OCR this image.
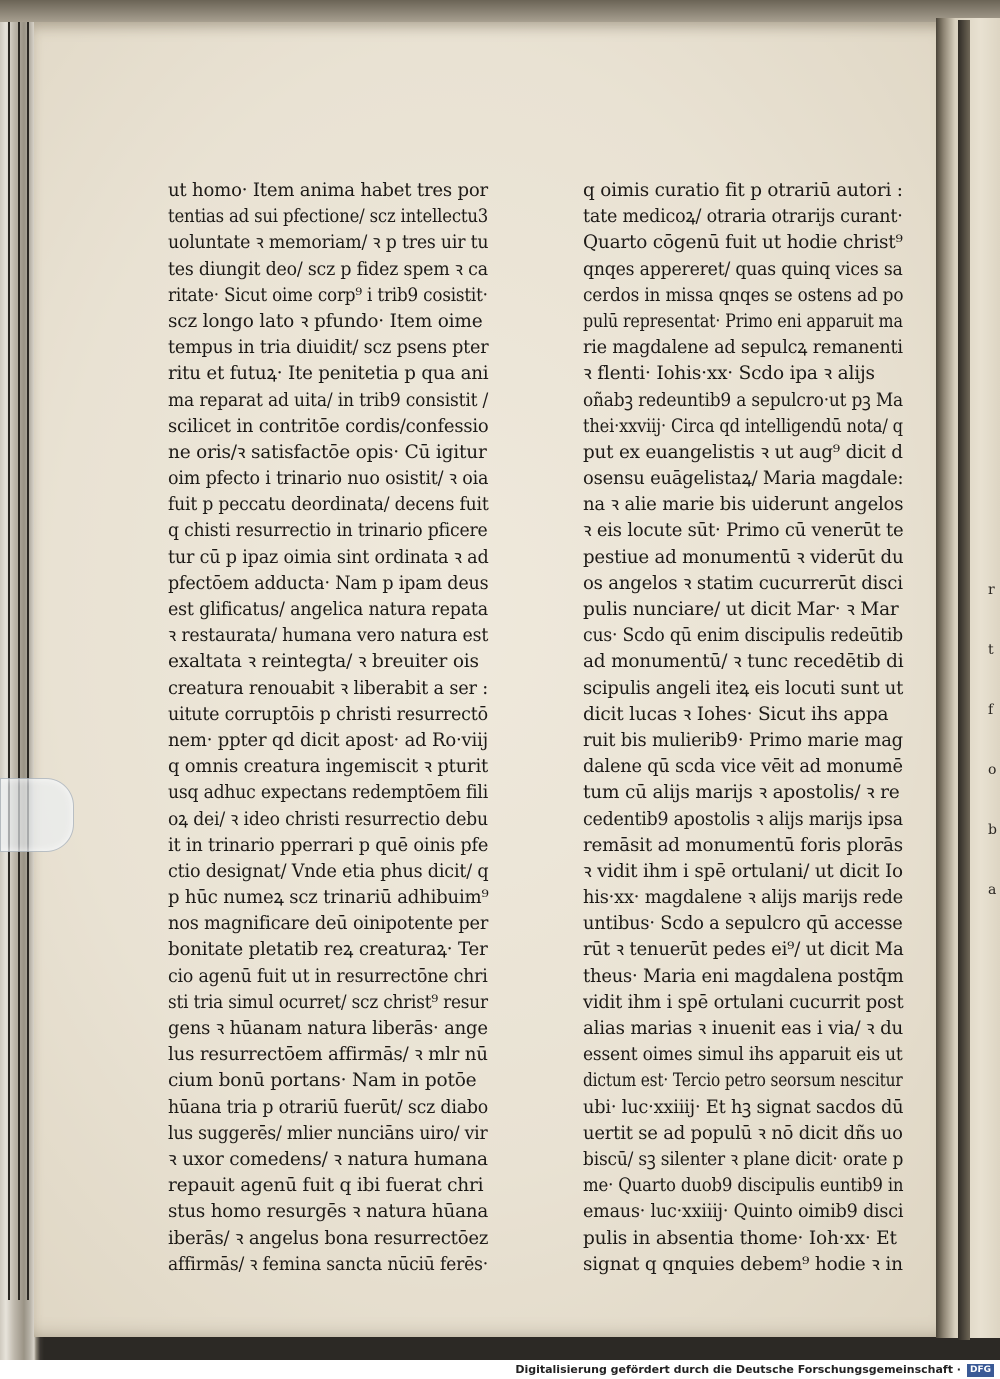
ut homo· Item anima habet tres por
tentias ad sui pfectione/ scz intellectu3
uoluntate ꝛ memoriam/ ꝛ p tres uir tu
tes diungit deo/ scz p fidez spem ꝛ ca
ritate· Sicut oime corp⁹ i trib9 cosistit·
scz longo lato ꝛ pfundo· Item oime
tempus in tria diuidit/ scz psens pter
ritu et futuꝝ· Ite penitetia p qua ani
ma reparat ad uita/ in trib9 consistit /
scilicet in contritōe cordis/confessio
ne oris/ꝛ satisfactōe opis· Cū igitur
oim pfecto i trinario nuo osistit/ ꝛ oia
fuit p peccatu deordinata/ decens fuit
q chisti resurrectio in trinario pficere
tur cū p ipaz oimia sint ordinata ꝛ ad
pfectōem adducta· Nam p ipam deus
est glificatus/ angelica natura repata
ꝛ restaurata/ humana vero natura est
exaltata ꝛ reintegta/ ꝛ breuiter ois
creatura renouabit ꝛ liberabit a ser :
uitute corruptōis p christi resurrectō
nem· ppter qd dicit apost· ad Ro·viij
q omnis creatura ingemiscit ꝛ pturit
usq adhuc expectans redemptōem fili
oꝝ dei/ ꝛ ideo christi resurrectio debu
it in trinario pperrari p quē oinis pfe
ctio designat/ Vnde etia phus dicit/ q
p hūc numeꝝ scz trinariū adhibuim⁹
nos magnificare deū oinipotente per
bonitate pletatib reꝝ creaturaꝝ· Ter
cio agenū fuit ut in resurrectōne chri
sti tria simul ocurret/ scz christ⁹ resur
gens ꝛ hūanam natura liberās· ange
lus resurrectōem affirmās/ ꝛ mlr nū
cium bonū portans· Nam in potōe
hūana tria p otrariū fuerūt/ scz diabo
lus suggerēs/ mlier nunciāns uiro/ vir
ꝛ uxor comedens/ ꝛ natura humana
repauit agenū fuit q ibi fuerat chri
stus homo resurgēs ꝛ natura hūana
iberās/ ꝛ angelus bona resurrectōez
affirmās/ ꝛ femina sancta nūciū ferēs·
q oimis curatio fit p otrariū autori :
tate medicoꝝ/ otraria otrarijs curant·
Quarto cōgenū fuit ut hodie christ⁹
qnqes appereret/ quas quinq vices sa
cerdos in missa qnqes se ostens ad po
pulū representat· Primo eni apparuit ma
rie magdalene ad sepulcꝝ remanenti
ꝛ flenti· Iohis·xx· Scdo ipa ꝛ alijs
oñabꝫ redeuntib9 a sepulcro·ut pꝫ Ma
thei·xxviij· Circa qd intelligendū nota/ q
put ex euangelistis ꝛ ut aug⁹ dicit d
osensu euāgelistaꝝ/ Maria magdale:
na ꝛ alie marie bis uiderunt angelos
ꝛ eis locute sūt· Primo cū venerūt te
pestiue ad monumentū ꝛ viderūt du
os angelos ꝛ statim cucurrerūt disci
pulis nunciare/ ut dicit Mar· ꝛ Mar
cus· Scdo qū enim discipulis redeūtib
ad monumentū/ ꝛ tunc recedētib di
scipulis angeli iteꝝ eis locuti sunt ut
dicit lucas ꝛ Iohes· Sicut ihs appa
ruit bis mulierib9· Primo marie mag
dalene qū scda vice vēit ad monumē
tum cū alijs marijs ꝛ apostolis/ ꝛ re
cedentib9 apostolis ꝛ alijs marijs ipsa
remāsit ad monumentū foris plorās
ꝛ vidit ihm i spē ortulani/ ut dicit Io
his·xx· magdalene ꝛ alijs marijs rede
untibus· Scdo a sepulcro qū accesse
rūt ꝛ tenuerūt pedes ei⁹/ ut dicit Ma
theus· Maria eni magdalena postq̄m
vidit ihm i spē ortulani cucurrit post
alias marias ꝛ inuenit eas i via/ ꝛ du
essent oimes simul ihs apparuit eis ut
dictum est· Tercio petro seorsum nescitur
ubi· luc·xxiiij· Et hꝫ signat sacdos dū
uertit se ad populū ꝛ nō dicit dñs uo
biscū/ sꝫ silenter ꝛ plane dicit· orate p
me· Quarto duob9 discipulis euntib9 in
emaus· luc·xxiiij· Quinto oimib9 disci
pulis in absentia thome· Ioh·xx· Et
signat q qnquies debem⁹ hodie ꝛ in
r
t
f
o
b
a
Digitalisierung gefördert durch die Deutsche Forschungsgemeinschaft · DFG
